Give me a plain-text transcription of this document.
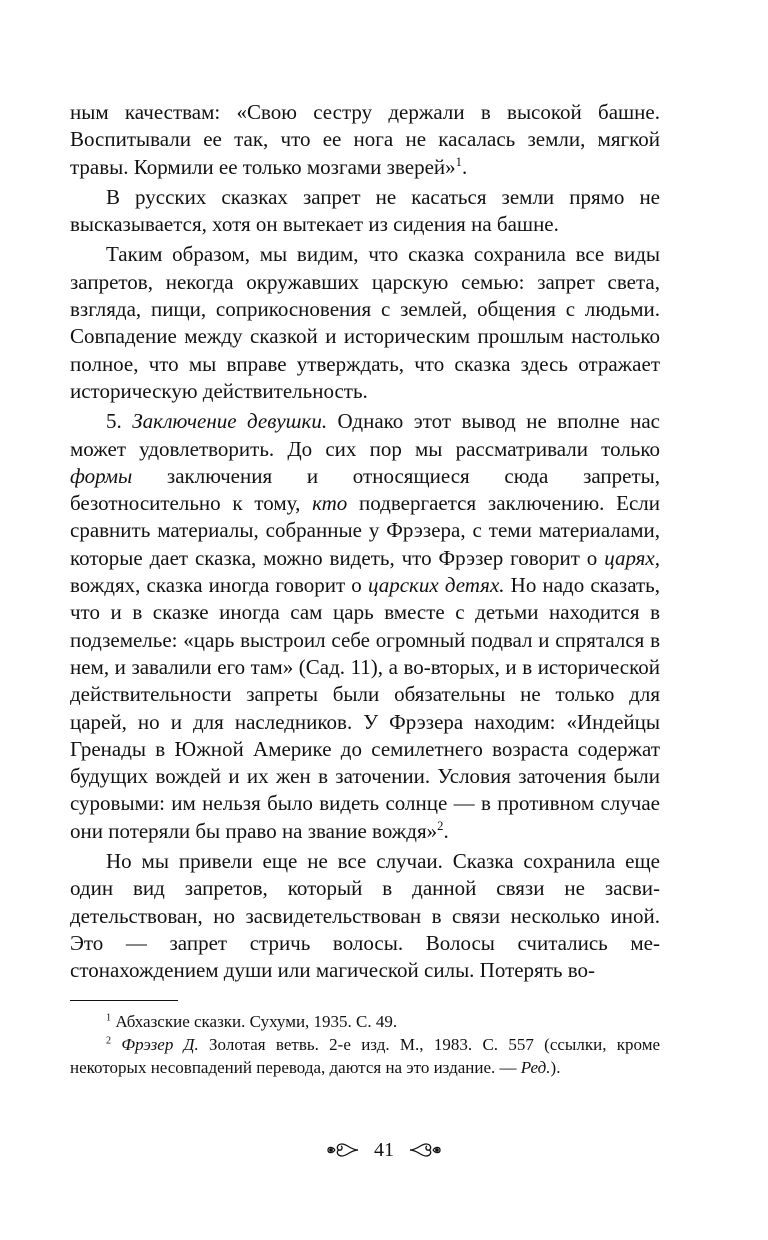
ным качествам: «Свою сестру держали в высокой башне. Воспитывали ее так, что ее нога не касалась земли, мягкой травы. Кормили ее только мозгами зверей»$^1$.

В русских сказках запрет не касаться земли прямо не высказывается, хотя он вытекает из сидения на башне.

Таким образом, мы видим, что сказка сохранила все виды запретов, некогда окружавших царскую семью: запрет света, взгляда, пищи, соприкосновения с землей, общения с людьми. Совпадение между сказкой и историческим прошлым настолько полное, что мы вправе утверждать, что сказка здесь отражает историческую действительность.

5. Заключение девушки. Однако этот вывод не вполне нас может удовлетворить. До сих пор мы рассматривали только формы заключения и относящиеся сюда запреты, безотносительно к тому, кто подвергается заключению. Если сравнить материалы, собранные у Фрэзера, с теми материалами, которые дает сказка, можно видеть, что Фрэзер говорит о царях, вождях, сказка иногда говорит о царских детях. Но надо сказать, что и в сказке иногда сам царь вместе с детьми находится в подземелье: «царь выстроил себе огромный подвал и спрятался в нем, и завалили его там» (Сад. 11), а во-вторых, и в исторической действительности запреты были обязательны не только для царей, но и для наследников. У Фрэзера находим: «Индейцы Гренады в Южной Америке до семилетнего возраста содержат будущих вождей и их жен в заточении. Условия заточения были суровыми: им нельзя было видеть солнце — в противном случае они потеряли бы право на звание вождя»$^2$.

Но мы привели еще не все случаи. Сказка сохранила еще один вид запретов, который в данной связи не засвидетельствован, но засвидетельствован в связи несколько иной. Это — запрет стричь волосы. Волосы считались местонахождением души или магической силы. Потерять во-

$^1$ Абхазские сказки. Сухуми, 1935. С. 49.

$^2$ Фрэзер Д. Золотая ветвь. 2-е изд. М., 1983. С. 557 (ссылки, кроме некоторых несовпадений перевода, даются на это издание. — Ред.).

41
